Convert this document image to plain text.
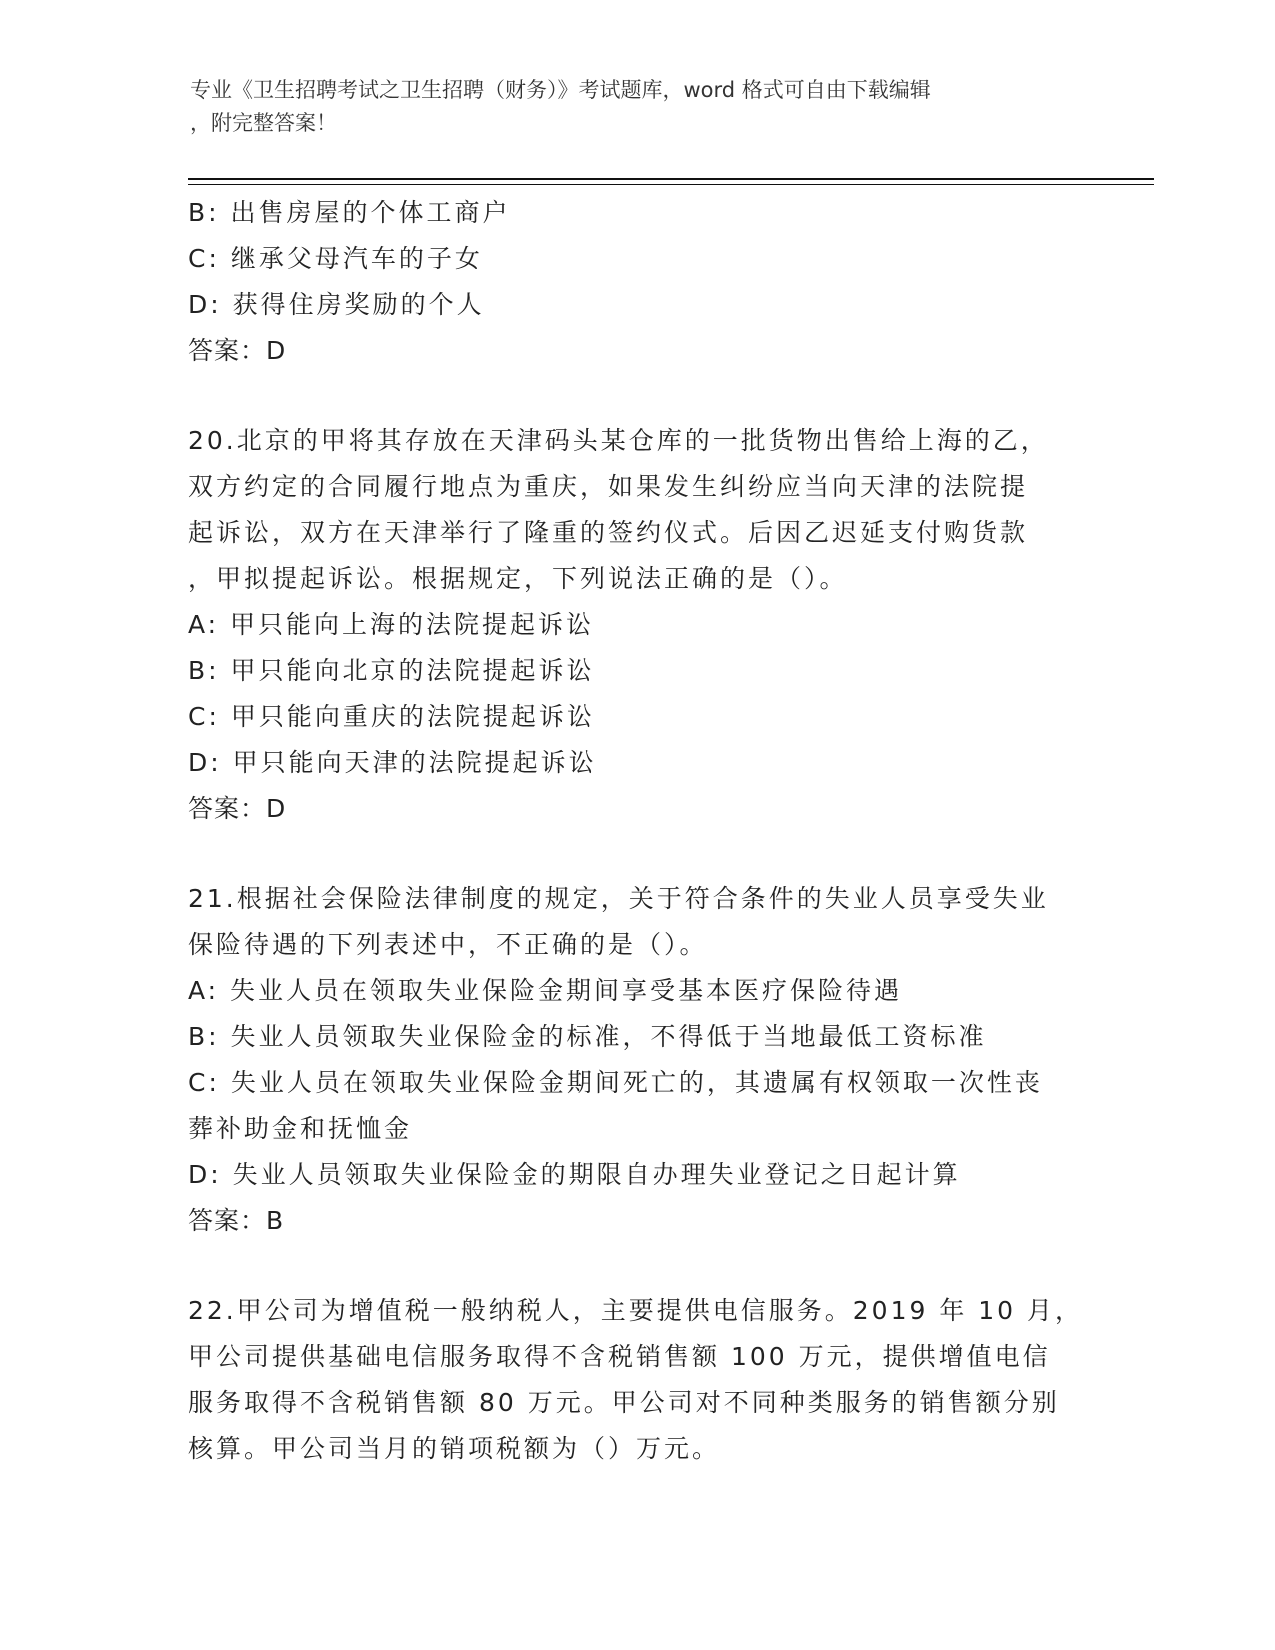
专业《卫生招聘考试之卫生招聘（财务）》考试题库，word 格式可自由下载编辑
，附完整答案！
B: 出售房屋的个体工商户
C: 继承父母汽车的子女
D: 获得住房奖励的个人
答案：D
20.北京的甲将其存放在天津码头某仓库的一批货物出售给上海的乙，
双方约定的合同履行地点为重庆，如果发生纠纷应当向天津的法院提
起诉讼，双方在天津举行了隆重的签约仪式。后因乙迟延支付购货款
，甲拟提起诉讼。根据规定，下列说法正确的是（）。
A: 甲只能向上海的法院提起诉讼
B: 甲只能向北京的法院提起诉讼
C: 甲只能向重庆的法院提起诉讼
D: 甲只能向天津的法院提起诉讼
答案：D
21.根据社会保险法律制度的规定，关于符合条件的失业人员享受失业
保险待遇的下列表述中，不正确的是（）。
A: 失业人员在领取失业保险金期间享受基本医疗保险待遇
B: 失业人员领取失业保险金的标准，不得低于当地最低工资标准
C: 失业人员在领取失业保险金期间死亡的，其遗属有权领取一次性丧
葬补助金和抚恤金
D: 失业人员领取失业保险金的期限自办理失业登记之日起计算
答案：B
22.甲公司为增值税一般纳税人，主要提供电信服务。2019 年 10 月，
甲公司提供基础电信服务取得不含税销售额 100 万元，提供增值电信
服务取得不含税销售额 80 万元。甲公司对不同种类服务的销售额分别
核算。甲公司当月的销项税额为（）万元。
